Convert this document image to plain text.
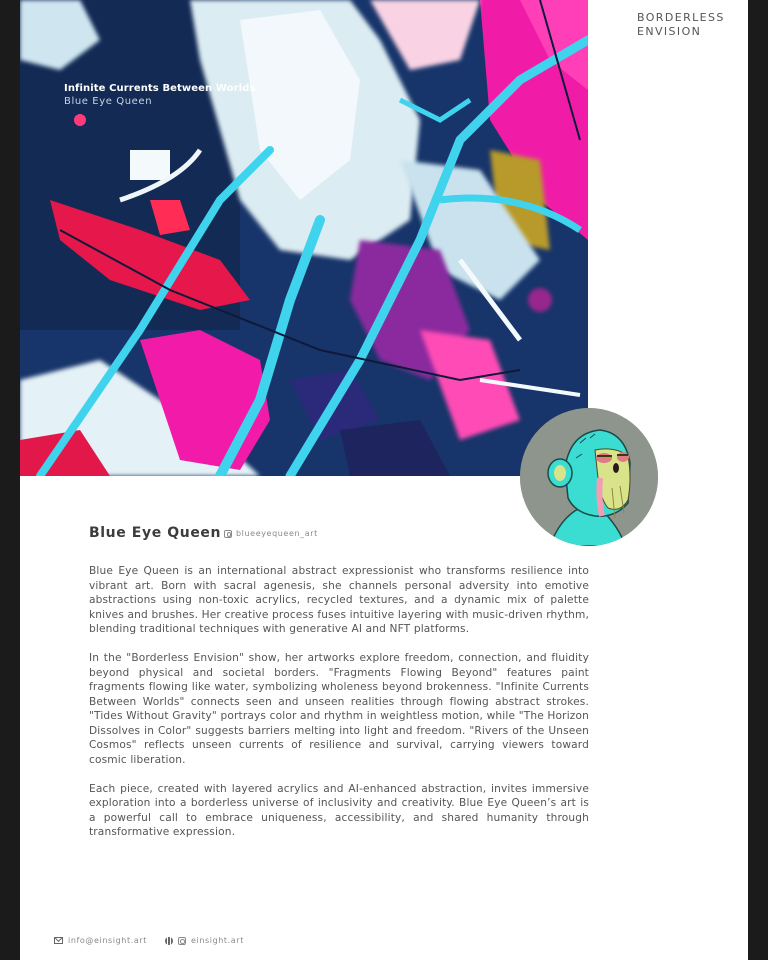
Infinite Currents Between Worlds
Blue Eye Queen
BORDERLESS
ENVISION
Blue Eye Queen blueeyequeen_art

Blue Eye Queen is an international abstract expressionist who transforms resilience into vibrant art. Born with sacral agenesis, she channels personal adversity into emotive abstractions using non-toxic acrylics, recycled textures, and a dynamic mix of palette knives and brushes. Her creative process fuses intuitive layering with music-driven rhythm, blending traditional techniques with generative AI and NFT platforms.

In the "Borderless Envision" show, her artworks explore freedom, connection, and fluidity beyond physical and societal borders. "Fragments Flowing Beyond" features paint fragments flowing like water, symbolizing wholeness beyond brokenness. "Infinite Currents Between Worlds" connects seen and unseen realities through flowing abstract strokes. "Tides Without Gravity" portrays color and rhythm in weightless motion, while "The Horizon Dissolves in Color" suggests barriers melting into light and freedom. "Rivers of the Unseen Cosmos" reflects unseen currents of resilience and survival, carrying viewers toward cosmic liberation.

Each piece, created with layered acrylics and AI-enhanced abstraction, invites immersive exploration into a borderless universe of inclusivity and creativity. Blue Eye Queen’s art is a powerful call to embrace uniqueness, accessibility, and shared humanity through transformative expression.

info@einsight.art	einsight.art
